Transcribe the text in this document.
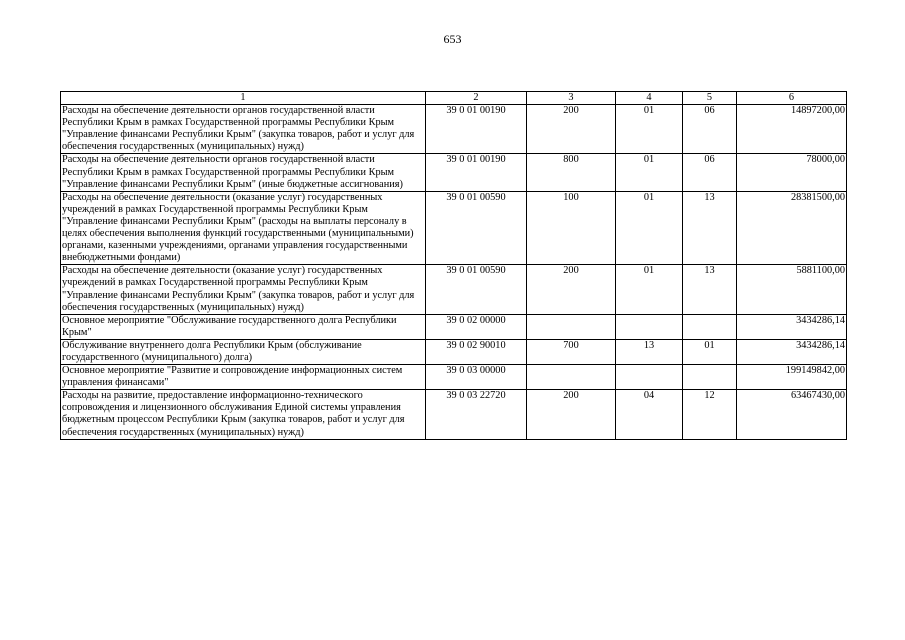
653
1	2	3	4	5	6
Расходы на обеспечение деятельности органов государственной власти Республики Крым в рамках Государственной программы Республики Крым "Управление финансами Республики Крым" (закупка товаров, работ и услуг для обеспечения государственных (муниципальных) нужд)	39 0 01 00190	200	01	06	14897200,00
Расходы на обеспечение деятельности органов государственной власти Республики Крым в рамках Государственной программы Республики Крым "Управление финансами Республики Крым" (иные бюджетные ассигнования)	39 0 01 00190	800	01	06	78000,00
Расходы на обеспечение деятельности (оказание услуг) государственных учреждений в рамках Государственной программы Республики Крым "Управление финансами Республики Крым" (расходы на выплаты персоналу в целях обеспечения выполнения функций государственными (муниципальными) органами, казенными учреждениями, органами управления государственными внебюджетными фондами)	39 0 01 00590	100	01	13	28381500,00
Расходы на обеспечение деятельности (оказание услуг) государственных учреждений в рамках Государственной программы Республики Крым "Управление финансами Республики Крым" (закупка товаров, работ и услуг для обеспечения государственных (муниципальных) нужд)	39 0 01 00590	200	01	13	5881100,00
Основное мероприятие "Обслуживание государственного долга Республики Крым"	39 0 02 00000				3434286,14
Обслуживание внутреннего долга Республики Крым (обслуживание государственного (муниципального) долга)	39 0 02 90010	700	13	01	3434286,14
Основное мероприятие "Развитие и сопровождение информационных систем управления финансами"	39 0 03 00000				199149842,00
Расходы на развитие, предоставление информационно-технического сопровождения и лицензионного обслуживания Единой системы управления бюджетным процессом Республики Крым (закупка товаров, работ и услуг для обеспечения государственных (муниципальных) нужд)	39 0 03 22720	200	04	12	63467430,00
